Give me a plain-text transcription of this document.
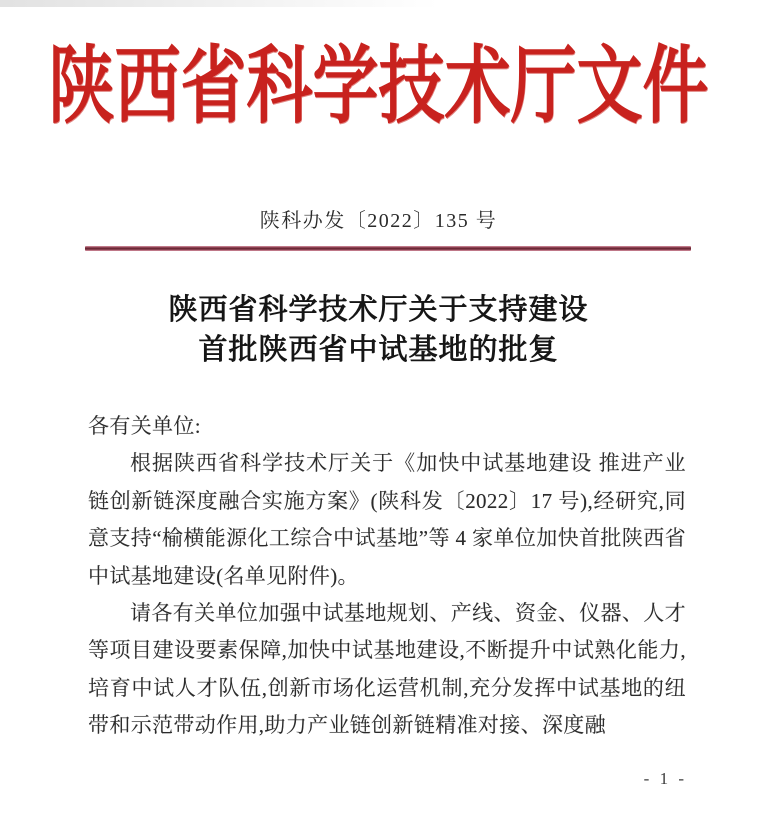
陕西省科学技术厅文件
陕科办发〔2022〕135 号
陕西省科学技术厅关于支持建设
首批陕西省中试基地的批复
各有关单位:
根据陕西省科学技术厅关于《加快中试基地建设 推进产业链创新链深度融合实施方案》(陕科发〔2022〕17 号),经研究,同意支持“榆横能源化工综合中试基地”等 4 家单位加快首批陕西省中试基地建设(名单见附件)。
请各有关单位加强中试基地规划、产线、资金、仪器、人才等项目建设要素保障,加快中试基地建设,不断提升中试熟化能力,培育中试人才队伍,创新市场化运营机制,充分发挥中试基地的纽带和示范带动作用,助力产业链创新链精准对接、深度融
- 1 -
